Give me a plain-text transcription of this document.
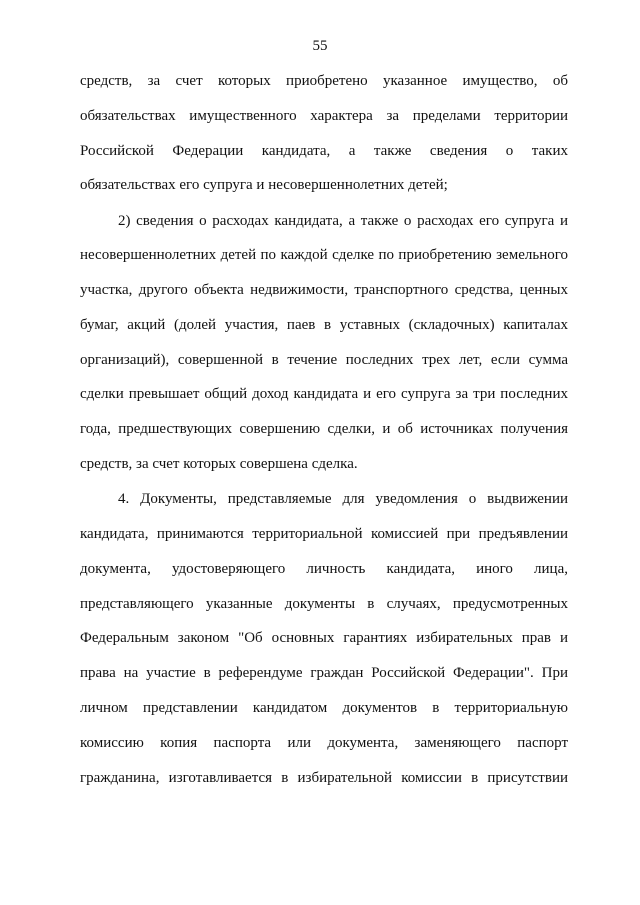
55
средств, за счет которых приобретено указанное имущество, об
обязательствах имущественного характера за пределами территории
Российской Федерации кандидата, а также сведения о таких
обязательствах его супруга и несовершеннолетних детей;
2) сведения о расходах кандидата, а также о расходах его супруга и
несовершеннолетних детей по каждой сделке по приобретению земельного
участка, другого объекта недвижимости, транспортного средства, ценных
бумаг, акций (долей участия, паев в уставных (складочных) капиталах
организаций), совершенной в течение последних трех лет, если сумма
сделки превышает общий доход кандидата и его супруга за три последних
года, предшествующих совершению сделки, и об источниках получения
средств, за счет которых совершена сделка.
4. Документы, представляемые для уведомления о выдвижении
кандидата, принимаются территориальной комиссией при предъявлении
документа, удостоверяющего личность кандидата, иного лица,
представляющего указанные документы в случаях, предусмотренных
Федеральным законом "Об основных гарантиях избирательных прав и
права на участие в референдуме граждан Российской Федерации". При
личном представлении кандидатом документов в территориальную
комиссию копия паспорта или документа, заменяющего паспорт
гражданина, изготавливается в избирательной комиссии в присутствии
